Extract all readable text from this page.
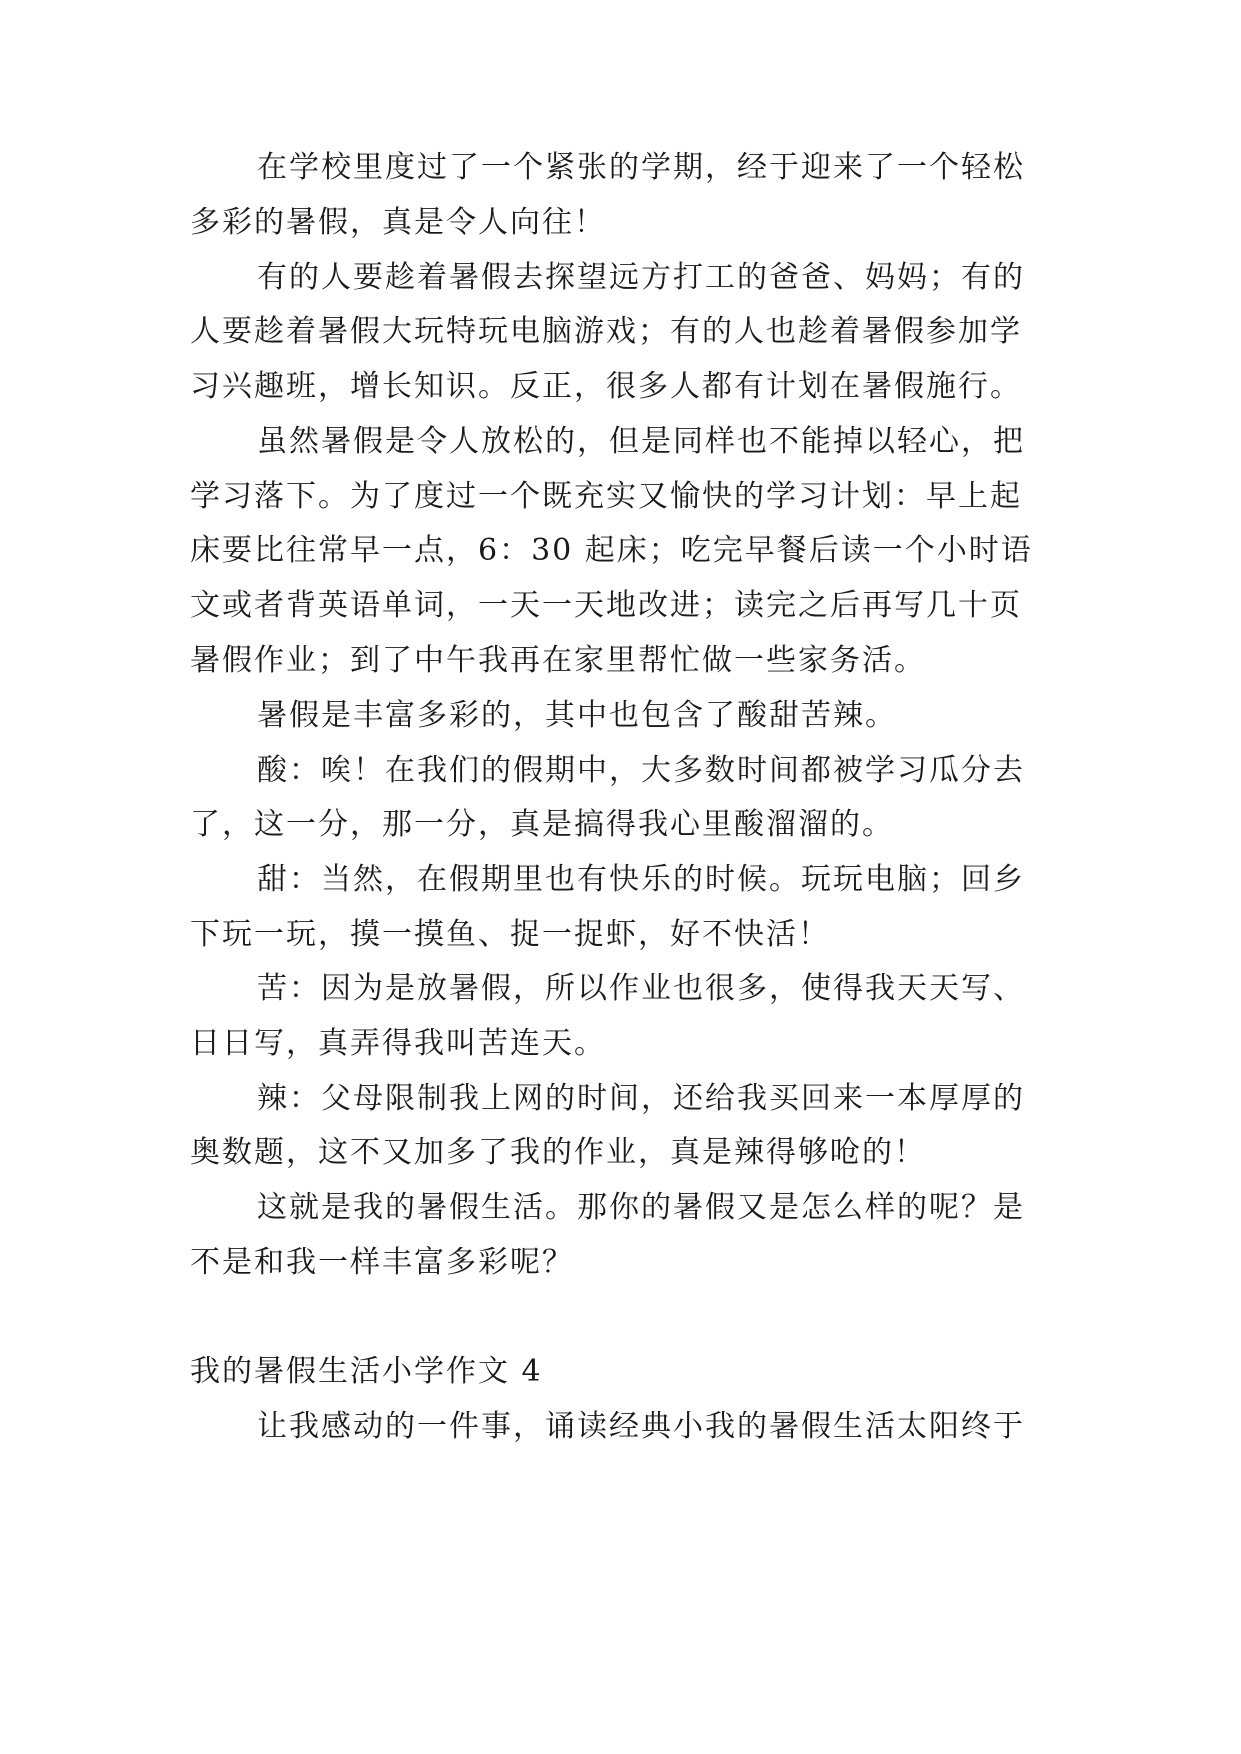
在学校里度过了一个紧张的学期，经于迎来了一个轻松
多彩的暑假，真是令人向往！
有的人要趁着暑假去探望远方打工的爸爸、妈妈；有的
人要趁着暑假大玩特玩电脑游戏；有的人也趁着暑假参加学
习兴趣班，增长知识。反正，很多人都有计划在暑假施行。
虽然暑假是令人放松的，但是同样也不能掉以轻心，把
学习落下。为了度过一个既充实又愉快的学习计划：早上起
床要比往常早一点，6：30 起床；吃完早餐后读一个小时语
文或者背英语单词，一天一天地改进；读完之后再写几十页
暑假作业；到了中午我再在家里帮忙做一些家务活。
暑假是丰富多彩的，其中也包含了酸甜苦辣。
酸：唉！在我们的假期中，大多数时间都被学习瓜分去
了，这一分，那一分，真是搞得我心里酸溜溜的。
甜：当然，在假期里也有快乐的时候。玩玩电脑；回乡
下玩一玩，摸一摸鱼、捉一捉虾，好不快活！
苦：因为是放暑假，所以作业也很多，使得我天天写、
日日写，真弄得我叫苦连天。
辣：父母限制我上网的时间，还给我买回来一本厚厚的
奥数题，这不又加多了我的作业，真是辣得够呛的！
这就是我的暑假生活。那你的暑假又是怎么样的呢？是
不是和我一样丰富多彩呢？
我的暑假生活小学作文 4
让我感动的一件事，诵读经典小我的暑假生活太阳终于
